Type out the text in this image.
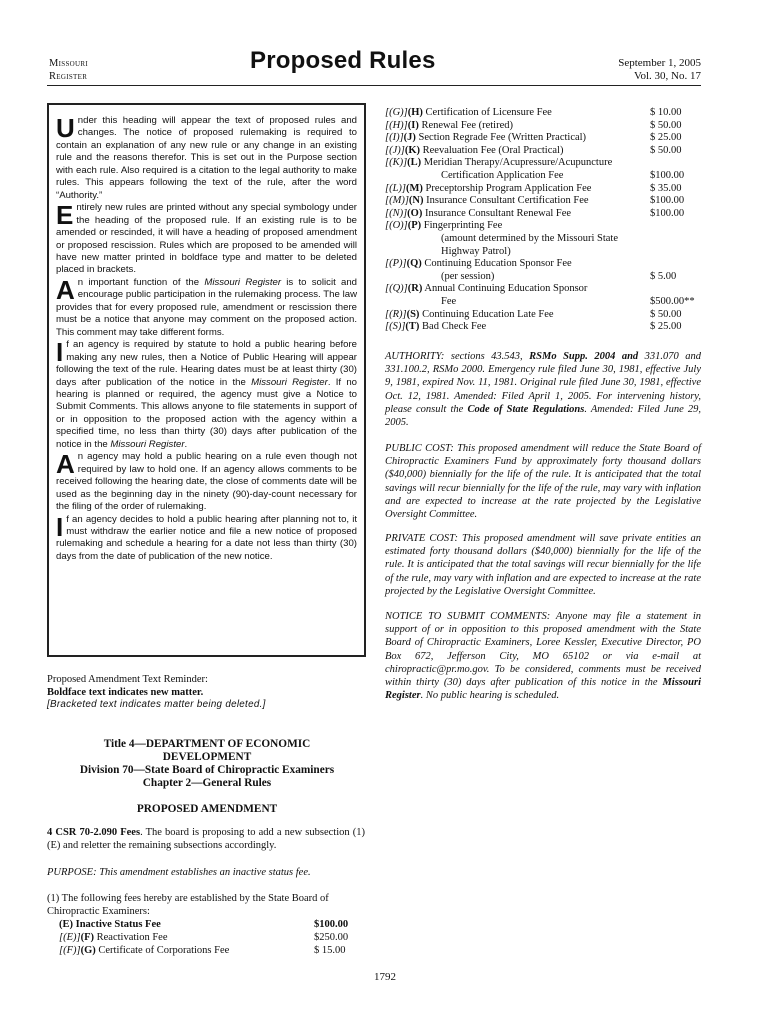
Missouri
Register
Proposed Rules	September 1, 2005
Vol. 30, No. 17

Under this heading will appear the text of proposed rules and changes. The notice of proposed rulemaking is required to contain an explanation of any new rule or any change in an existing rule and the reasons therefor. This is set out in the Purpose section with each rule. Also required is a citation to the legal authority to make rules. This appears following the text of the rule, after the word “Authority.”

Entirely new rules are printed without any special symbology under the heading of the proposed rule. If an existing rule is to be amended or rescinded, it will have a heading of proposed amendment or proposed rescission. Rules which are proposed to be amended will have new matter printed in boldface type and matter to be deleted placed in brackets.

An important function of the Missouri Register is to solicit and encourage public participation in the rulemaking process. The law provides that for every proposed rule, amendment or rescission there must be a notice that anyone may comment on the proposed action. This comment may take different forms.

If an agency is required by statute to hold a public hearing before making any new rules, then a Notice of Public Hearing will appear following the text of the rule. Hearing dates must be at least thirty (30) days after publication of the notice in the Missouri Register. If no hearing is planned or required, the agency must give a Notice to Submit Comments. This allows anyone to file statements in support of or in opposition to the proposed action with the agency within a specified time, no less than thirty (30) days after publication of the notice in the Missouri Register.

An agency may hold a public hearing on a rule even though not required by law to hold one. If an agency allows comments to be received following the hearing date, the close of comments date will be used as the beginning day in the ninety (90)-day-count necessary for the filing of the order of rulemaking.

If an agency decides to hold a public hearing after planning not to, it must withdraw the earlier notice and file a new notice of proposed rulemaking and schedule a hearing for a date not less than thirty (30) days from the date of publication of the new notice.

Proposed Amendment Text Reminder:
Boldface text indicates new matter.
[Bracketed text indicates matter being deleted.]
Title 4—DEPARTMENT OF ECONOMIC
DEVELOPMENT
Division 70—State Board of Chiropractic Examiners
Chapter 2—General Rules
PROPOSED AMENDMENT
4 CSR 70-2.090 Fees. The board is proposing to add a new subsection (1)(E) and reletter the remaining subsections accordingly.
PURPOSE: This amendment establishes an inactive status fee.
(1) The following fees hereby are established by the State Board of Chiropractic Examiners:
(E) Inactive Status Fee	$100.00
[(E)](F) Reactivation Fee	$250.00
[(F)](G) Certificate of Corporations Fee	$ 15.00
[(G)](H) Certification of Licensure Fee	$ 10.00
[(H)](I) Renewal Fee (retired)	$ 50.00
[(I)](J) Section Regrade Fee (Written Practical)	$ 25.00
[(J)](K) Reevaluation Fee (Oral Practical)	$ 50.00
[(K)](L) Meridian Therapy/Acupressure/Acupuncture
Certification Application Fee	$100.00
[(L)](M) Preceptorship Program Application Fee	$ 35.00
[(M)](N) Insurance Consultant Certification Fee	$100.00
[(N)](O) Insurance Consultant Renewal Fee	$100.00
[(O)](P) Fingerprinting Fee
(amount determined by the Missouri State
Highway Patrol)
[(P)](Q) Continuing Education Sponsor Fee
(per session)	$ 5.00
[(Q)](R) Annual Continuing Education Sponsor
Fee	$500.00**
[(R)](S) Continuing Education Late Fee	$ 50.00
[(S)](T) Bad Check Fee	$ 25.00
AUTHORITY: sections 43.543, RSMo Supp. 2004 and 331.070 and 331.100.2, RSMo 2000. Emergency rule filed June 30, 1981, effective July 9, 1981, expired Nov. 11, 1981. Original rule filed June 30, 1981, effective Oct. 12, 1981. Amended: Filed April 1, 2005. For intervening history, please consult the Code of State Regulations. Amended: Filed June 29, 2005.
PUBLIC COST: This proposed amendment will reduce the State Board of Chiropractic Examiners Fund by approximately forty thousand dollars ($40,000) biennially for the life of the rule. It is anticipated that the total savings will recur biennially for the life of the rule, may vary with inflation and are expected to increase at the rate projected by the Legislative Oversight Committee.
PRIVATE COST: This proposed amendment will save private entities an estimated forty thousand dollars ($40,000) biennially for the life of the rule. It is anticipated that the total savings will recur biennially for the life of the rule, may vary with inflation and are expected to increase at the rate projected by the Legislative Oversight Committee.
NOTICE TO SUBMIT COMMENTS: Anyone may file a statement in support of or in opposition to this proposed amendment with the State Board of Chiropractic Examiners, Loree Kessler, Executive Director, PO Box 672, Jefferson City, MO 65102 or via e-mail at chiropractic@pr.mo.gov. To be considered, comments must be received within thirty (30) days after publication of this notice in the Missouri Register. No public hearing is scheduled.
1792
